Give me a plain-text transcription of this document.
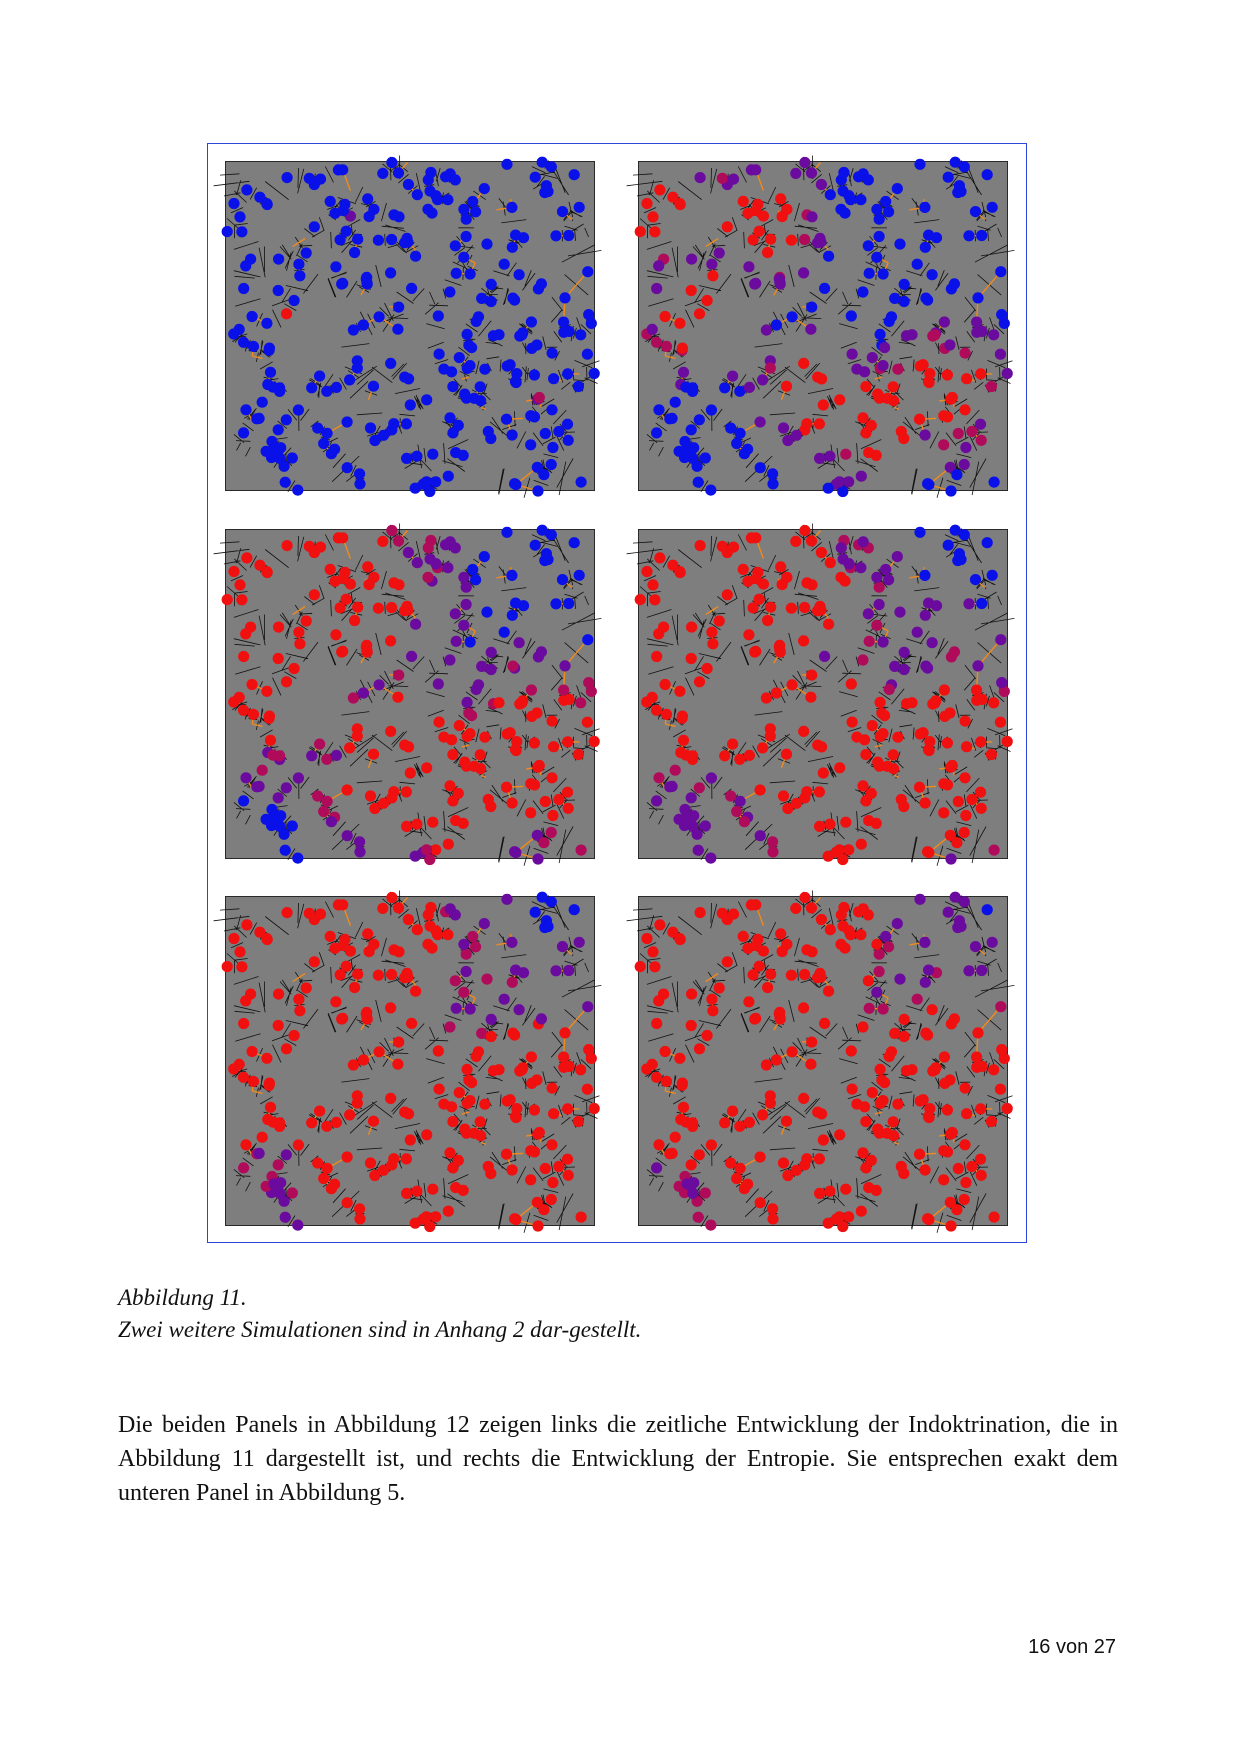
Abbildung 11.
Zwei weitere Simulationen sind in Anhang 2 dar-gestellt.

Die beiden Panels in Abbildung 12 zeigen links die zeitliche Entwicklung der Indoktrination, die in Abbildung 11 dargestellt ist, und rechts die Entwicklung der Entropie. Sie entsprechen exakt dem unteren Panel in Abbildung 5.

16 von 27
